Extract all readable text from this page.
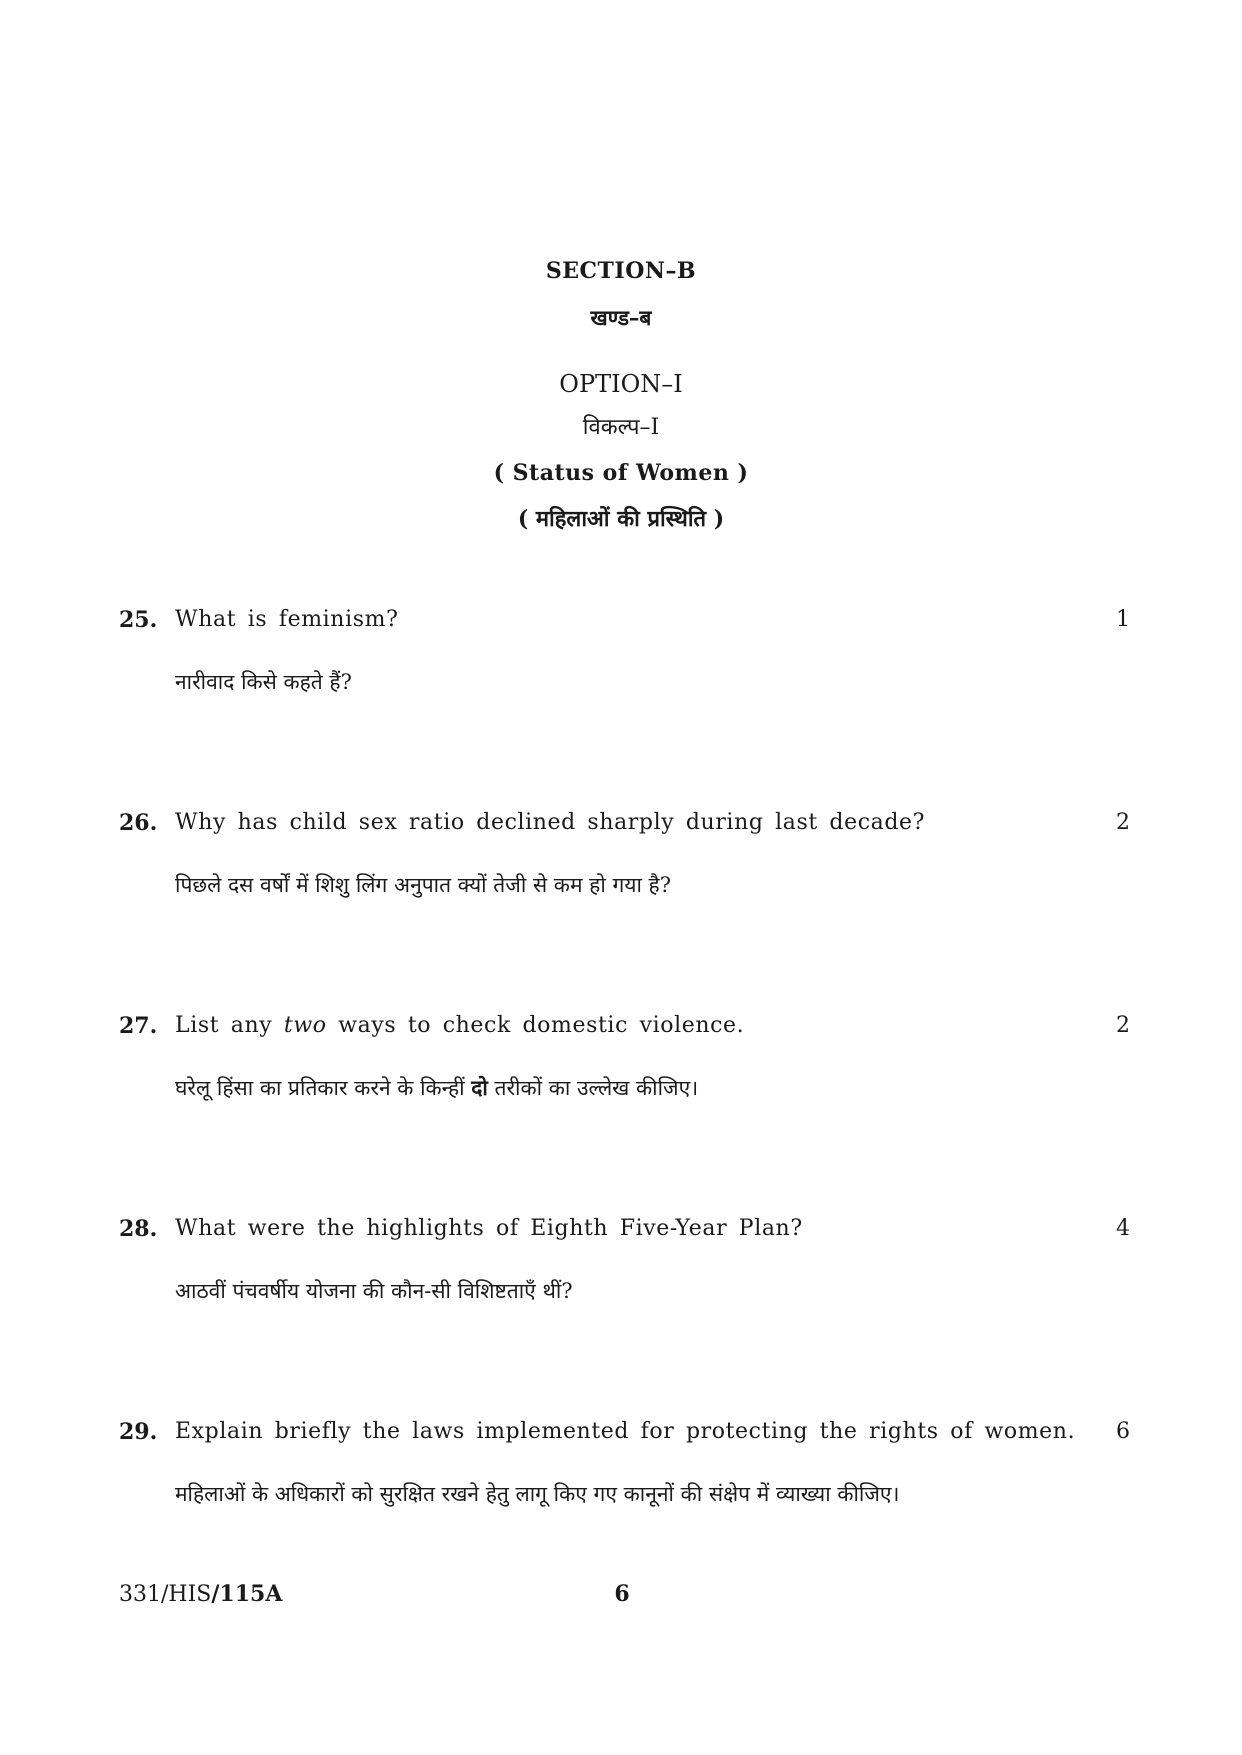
SECTION–B
खण्ड–ब
OPTION–I
विकल्प–I
( Status of Women )
( महिलाओं की प्रस्थिति )
25. What is feminism?	1
नारीवाद किसे कहते हैं?
26. Why has child sex ratio declined sharply during last decade?	2
पिछले दस वर्षों में शिशु लिंग अनुपात क्यों तेजी से कम हो गया है?
27. List any two ways to check domestic violence.	2
घरेलू हिंसा का प्रतिकार करने के किन्हीं दो तरीकों का उल्लेख कीजिए।
28. What were the highlights of Eighth Five-Year Plan?	4
आठवीं पंचवर्षीय योजना की कौन-सी विशिष्टताएँ थीं?
29. Explain briefly the laws implemented for protecting the rights of women.	6
महिलाओं के अधिकारों को सुरक्षित रखने हेतु लागू किए गए कानूनों की संक्षेप में व्याख्या कीजिए।
331/HIS/115A	6
